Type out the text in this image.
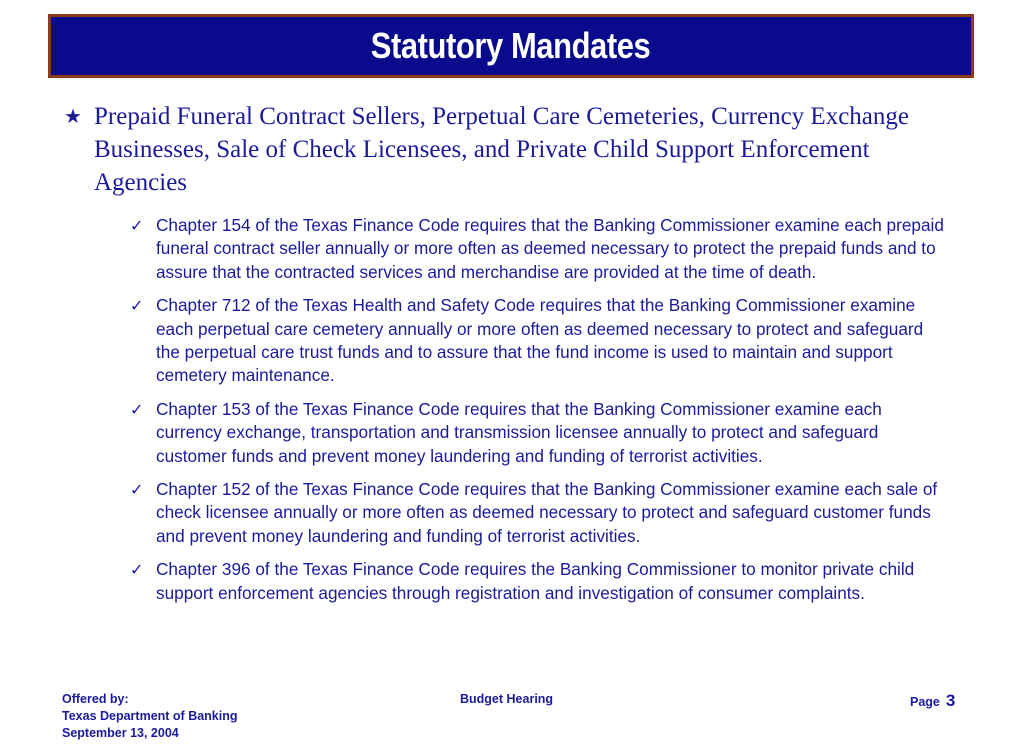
Statutory Mandates
★ Prepaid Funeral Contract Sellers, Perpetual Care Cemeteries, Currency Exchange Businesses, Sale of Check Licensees, and Private Child Support Enforcement Agencies
✓ Chapter 154 of the Texas Finance Code requires that the Banking Commissioner examine each prepaid funeral contract seller annually or more often as deemed necessary to protect the prepaid funds and to assure that the contracted services and merchandise are provided at the time of death.
✓ Chapter 712 of the Texas Health and Safety Code requires that the Banking Commissioner examine each perpetual care cemetery annually or more often as deemed necessary to protect and safeguard the perpetual care trust funds and to assure that the fund income is used to maintain and support cemetery maintenance.
✓ Chapter 153 of the Texas Finance Code requires that the Banking Commissioner examine each currency exchange, transportation and transmission licensee annually to protect and safeguard customer funds and prevent money laundering and funding of terrorist activities.
✓ Chapter 152 of the Texas Finance Code requires that the Banking Commissioner examine each sale of check licensee annually or more often as deemed necessary to protect and safeguard customer funds and prevent money laundering and funding of terrorist activities.
✓ Chapter 396 of the Texas Finance Code requires the Banking Commissioner to monitor private child support enforcement agencies through registration and investigation of consumer complaints.
Offered by:
Texas Department of Banking
September 13, 2004
Budget Hearing	Page 3
